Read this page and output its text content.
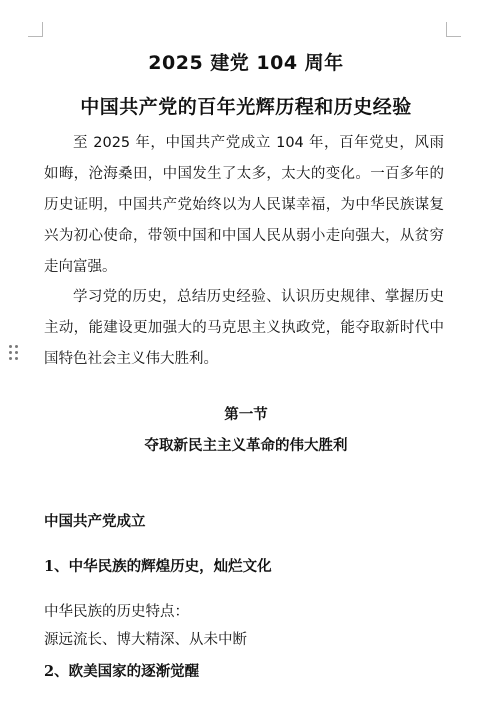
2025 建党 104 周年
中国共产党的百年光辉历程和历史经验

至 2025 年，中国共产党成立 104 年，百年党史，风雨如晦，沧海桑田，中国发生了太多，太大的变化。一百多年的历史证明，中国共产党始终以为人民谋幸福，为中华民族谋复兴为初心使命，带领中国和中国人民从弱小走向强大，从贫穷走向富强。

学习党的历史，总结历史经验、认识历史规律、掌握历史主动，能建设更加强大的马克思主义执政党，能夺取新时代中国特色社会主义伟大胜利。

第一节
夺取新民主主义革命的伟大胜利
中国共产党成立
1、中华民族的辉煌历史，灿烂文化
中华民族的历史特点：
源远流长、博大精深、从未中断
2、欧美国家的逐渐觉醒
